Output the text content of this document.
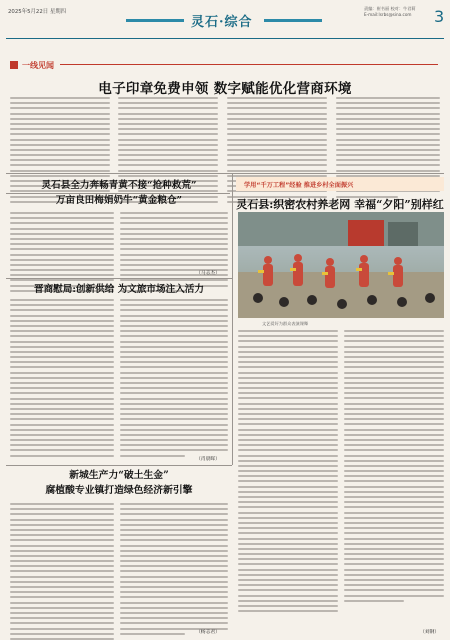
2025年5月22日 星期四
灵石·综合
责编：崔书丽 校对：牛君莉
E-mail:lsrbs@sina.com 3
一线见闻
电子印章免费申领 数字赋能优化营商环境
灵石县全力奔畅青黄不接“抢种救荒”
万亩良田梅娟奶牛“黄金粮仓”
（马志杰）
晋商慰局:创新供给 为文旅市场注入活力
（肖晨晖）
新城生产力“破土生金”
腐植酸专业镇打造绿色经济新引擎
（杨志君）
学用“千万工程”经验 推进乡村全面振兴
灵石县:织密农村养老网 幸福“夕阳”别样红
文艺爱好为群众表演课舞
（刘钢）
